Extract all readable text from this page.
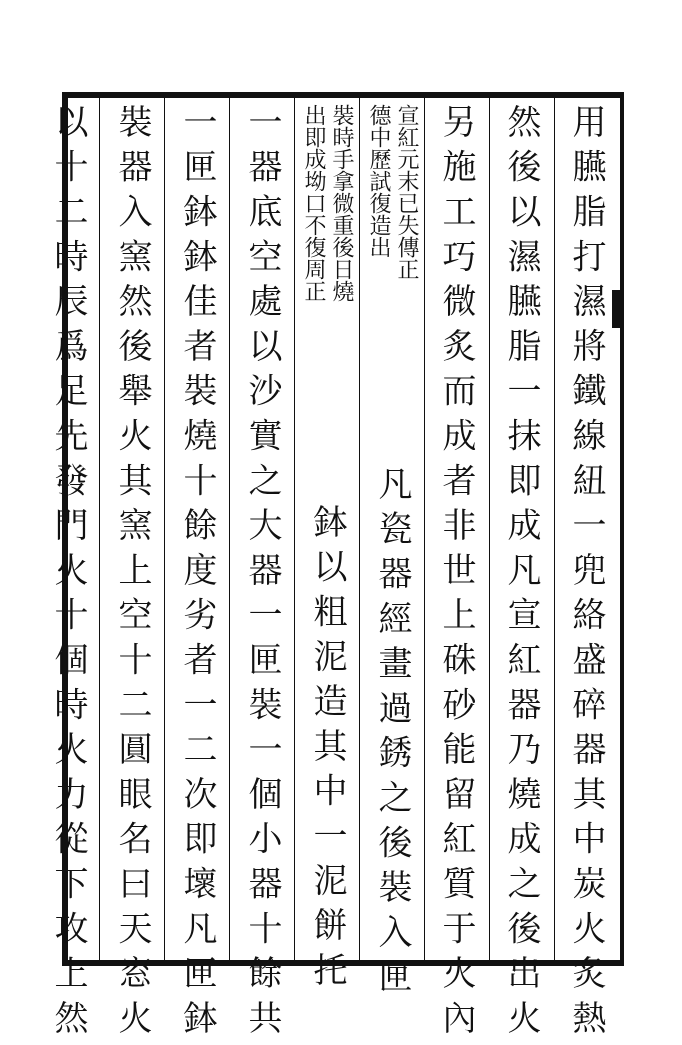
用臙脂打濕將鐵線紐一兜絡盛碎器其中炭火炙熱
然後以濕臙脂一抹即成凡宣紅器乃燒成之後出火
另施工巧微炙而成者非世上硃砂能留紅質于火內
宣紅元末已失傳正
德中歷試復造出
凡瓷器經畫過銹之後裝入匣
裝時手拿微重後日燒
出即成坳口不復周正
鉢以粗泥造其中一泥餅托
一器底空處以沙實之大器一匣裝一個小器十餘共
一匣鉢鉢佳者裝燒十餘度劣者一二次即壞凡匣鉢
裝器入窯然後舉火其窯上空十二圓眼名曰天窓火
以十二時辰爲足先發門火十個時火力從下攻上然
